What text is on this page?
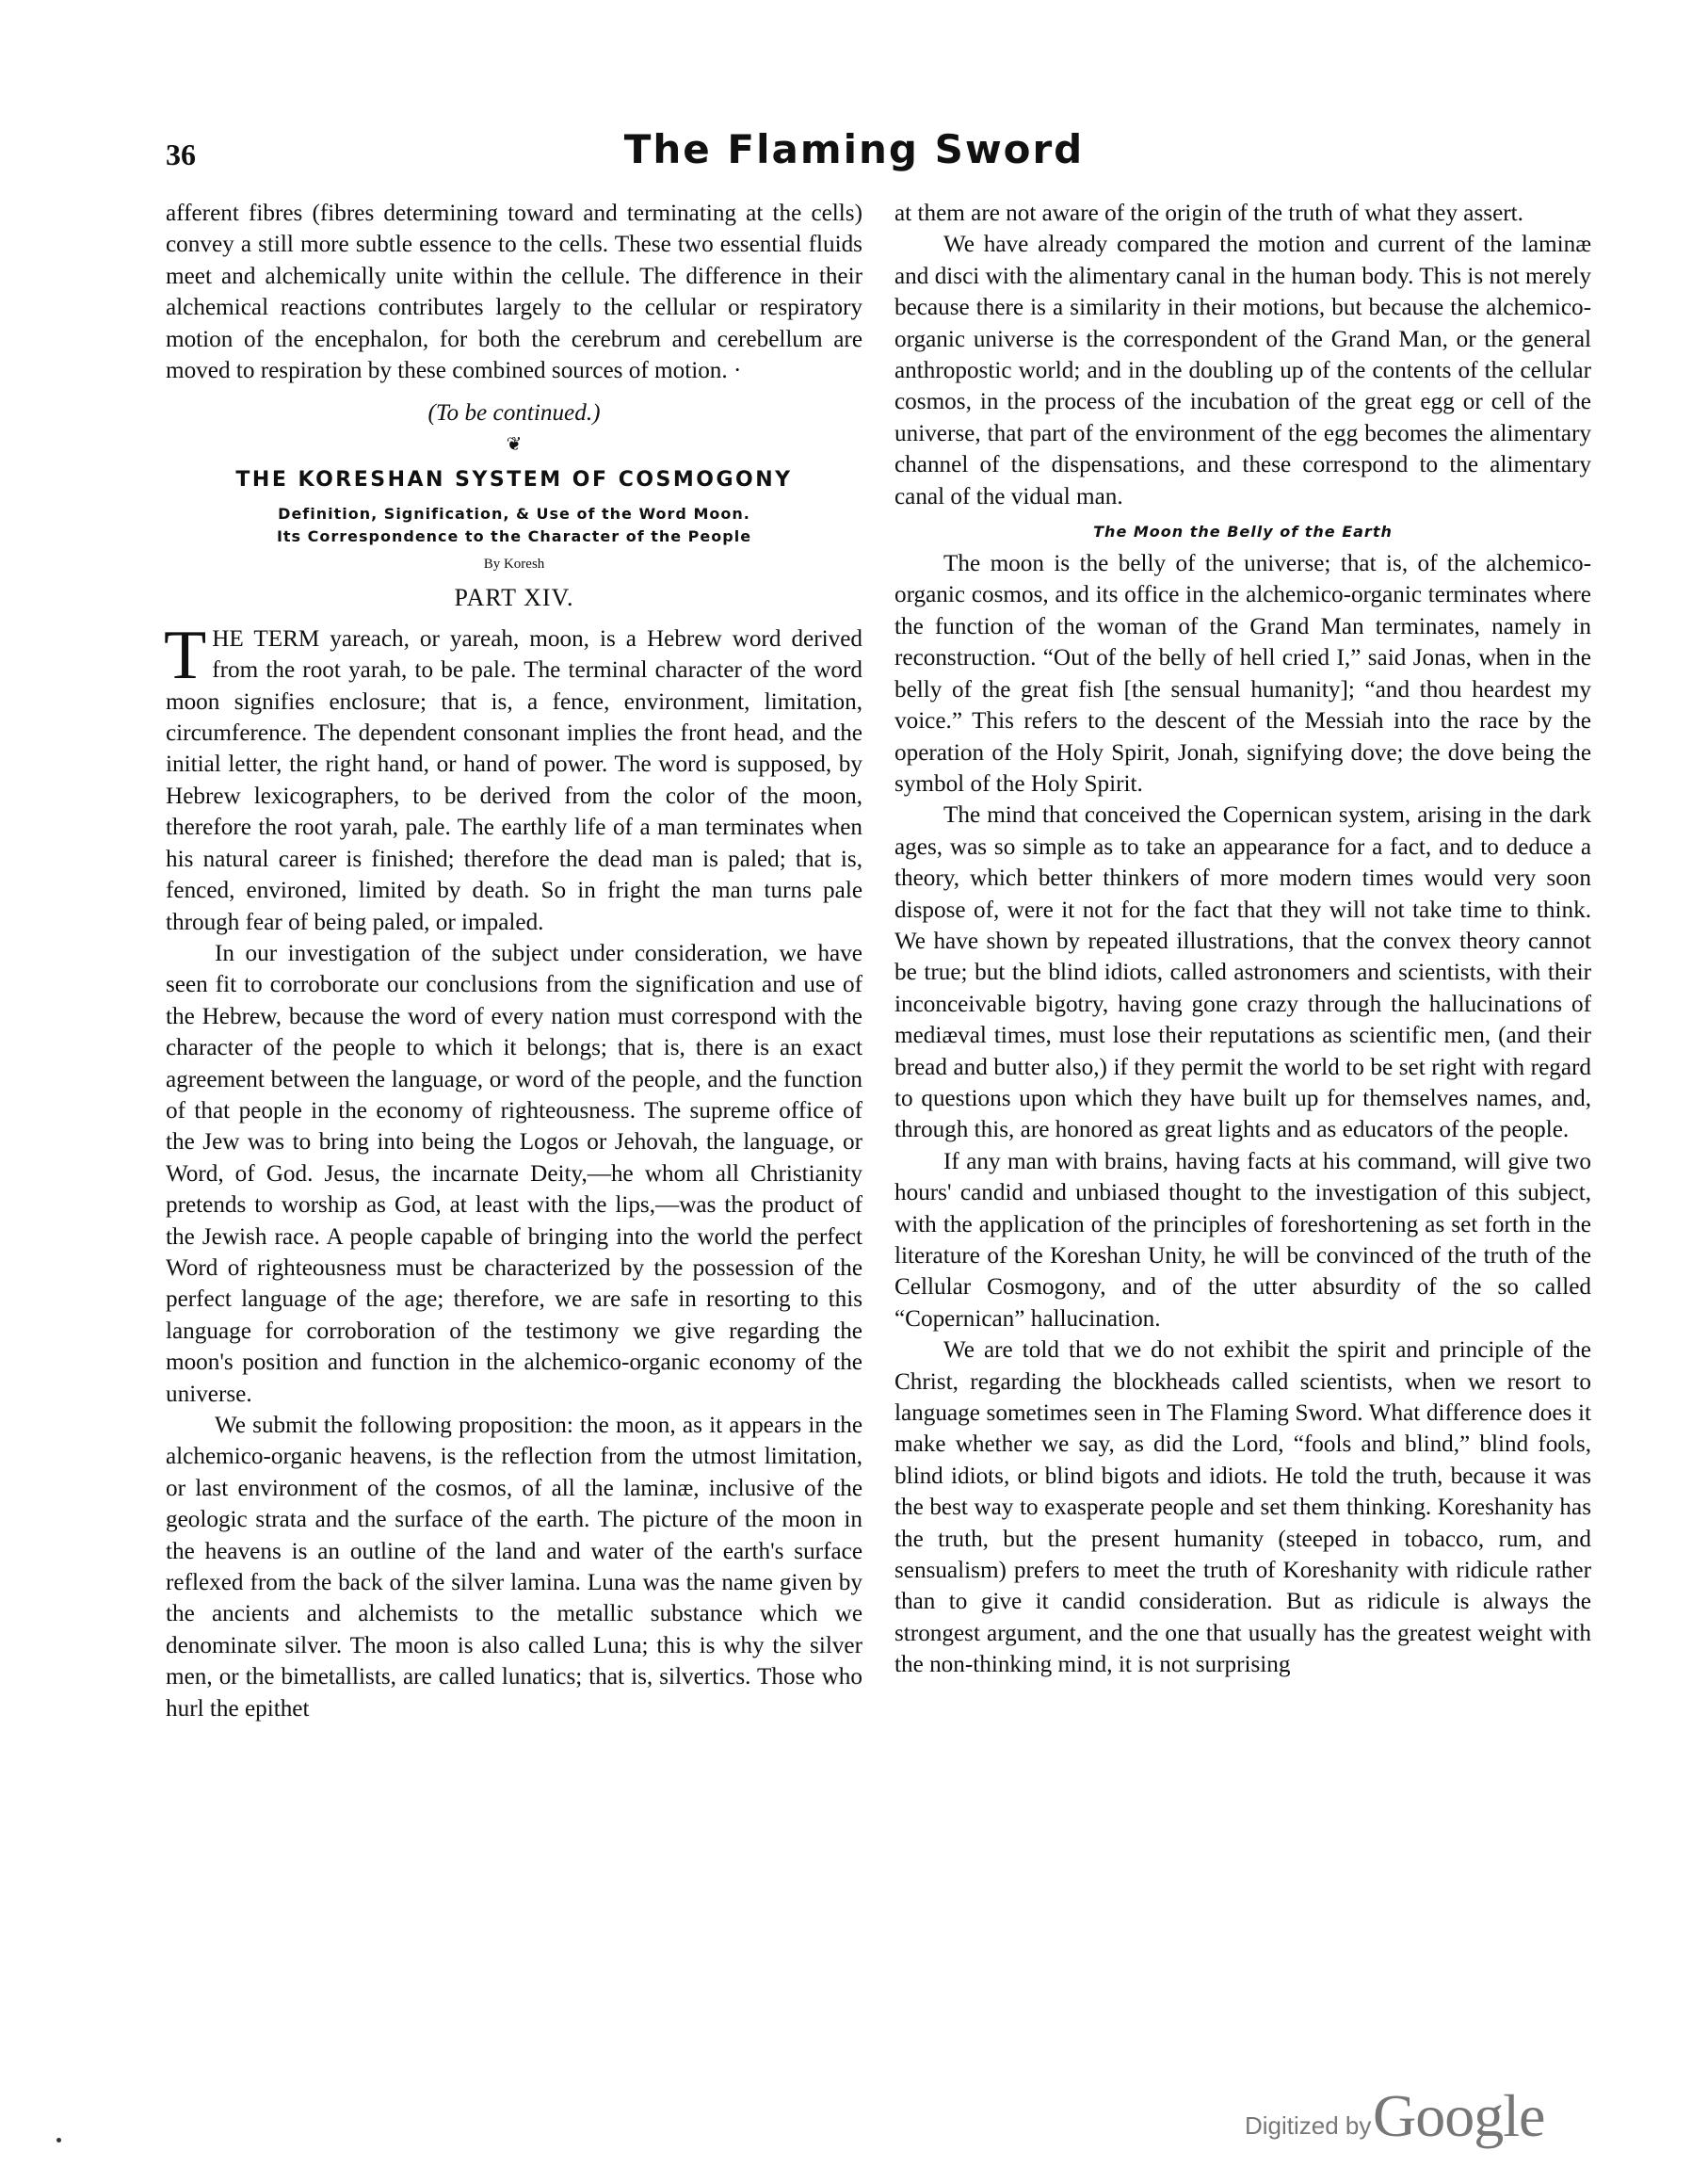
36	The Flaming Sword

afferent fibres (fibres determining toward and terminating at the cells) convey a still more subtle essence to the cells. These two essential fluids meet and alchemically unite within the cellule. The difference in their alchemical reactions contributes largely to the cellular or respiratory motion of the encephalon, for both the cerebrum and cerebellum are moved to respiration by these combined sources of motion. ·

(To be continued.)
❦
THE KORESHAN SYSTEM OF COSMOGONY
Definition, Signification, & Use of the Word Moon.
Its Correspondence to the Character of the People
By Koresh
PART XIV.

THE TERM yareach, or yareah, moon, is a Hebrew word derived from the root yarah, to be pale. The terminal character of the word moon signifies enclosure; that is, a fence, environment, limitation, circumference. The dependent consonant implies the front head, and the initial letter, the right hand, or hand of power. The word is supposed, by Hebrew lexicographers, to be derived from the color of the moon, therefore the root yarah, pale. The earthly life of a man terminates when his natural career is finished; therefore the dead man is paled; that is, fenced, environed, limited by death. So in fright the man turns pale through fear of being paled, or impaled.

In our investigation of the subject under consideration, we have seen fit to corroborate our conclusions from the signification and use of the Hebrew, because the word of every nation must correspond with the character of the people to which it belongs; that is, there is an exact agreement between the language, or word of the people, and the function of that people in the economy of righteousness. The supreme office of the Jew was to bring into being the Logos or Jehovah, the language, or Word, of God. Jesus, the incarnate Deity,—he whom all Christianity pretends to worship as God, at least with the lips,—was the product of the Jewish race. A people capable of bringing into the world the perfect Word of righteousness must be characterized by the possession of the perfect language of the age; therefore, we are safe in resorting to this language for corroboration of the testimony we give regarding the moon's position and function in the alchemico-organic economy of the universe.

We submit the following proposition: the moon, as it appears in the alchemico-organic heavens, is the reflection from the utmost limitation, or last environment of the cosmos, of all the laminæ, inclusive of the geologic strata and the surface of the earth. The picture of the moon in the heavens is an outline of the land and water of the earth's surface reflexed from the back of the silver lamina. Luna was the name given by the ancients and alchemists to the metallic substance which we denominate silver. The moon is also called Luna; this is why the silver men, or the bimetallists, are called lunatics; that is, silvertics. Those who hurl the epithet

at them are not aware of the origin of the truth of what they assert.

We have already compared the motion and current of the laminæ and disci with the alimentary canal in the human body. This is not merely because there is a similarity in their motions, but because the alchemico-organic universe is the correspondent of the Grand Man, or the general anthropostic world; and in the doubling up of the contents of the cellular cosmos, in the process of the incubation of the great egg or cell of the universe, that part of the environment of the egg becomes the alimentary channel of the dispensations, and these correspond to the alimentary canal of the vidual man.

The Moon the Belly of the Earth

The moon is the belly of the universe; that is, of the alchemico-organic cosmos, and its office in the alchemico-organic terminates where the function of the woman of the Grand Man terminates, namely in reconstruction. “Out of the belly of hell cried I,” said Jonas, when in the belly of the great fish [the sensual humanity]; “and thou heardest my voice.” This refers to the descent of the Messiah into the race by the operation of the Holy Spirit, Jonah, signifying dove; the dove being the symbol of the Holy Spirit.

The mind that conceived the Copernican system, arising in the dark ages, was so simple as to take an appearance for a fact, and to deduce a theory, which better thinkers of more modern times would very soon dispose of, were it not for the fact that they will not take time to think. We have shown by repeated illustrations, that the convex theory cannot be true; but the blind idiots, called astronomers and scientists, with their inconceivable bigotry, having gone crazy through the hallucinations of mediæval times, must lose their reputations as scientific men, (and their bread and butter also,) if they permit the world to be set right with regard to questions upon which they have built up for themselves names, and, through this, are honored as great lights and as educators of the people.

If any man with brains, having facts at his command, will give two hours' candid and unbiased thought to the investigation of this subject, with the application of the principles of foreshortening as set forth in the literature of the Koreshan Unity, he will be convinced of the truth of the Cellular Cosmogony, and of the utter absurdity of the so called “Copernican” hallucination.

We are told that we do not exhibit the spirit and principle of the Christ, regarding the blockheads called scientists, when we resort to language sometimes seen in The Flaming Sword. What difference does it make whether we say, as did the Lord, “fools and blind,” blind fools, blind idiots, or blind bigots and idiots. He told the truth, because it was the best way to exasperate people and set them thinking. Koreshanity has the truth, but the present humanity (steeped in tobacco, rum, and sensualism) prefers to meet the truth of Koreshanity with ridicule rather than to give it candid consideration. But as ridicule is always the strongest argument, and the one that usually has the greatest weight with the non-thinking mind, it is not surprising

Digitized by Google
